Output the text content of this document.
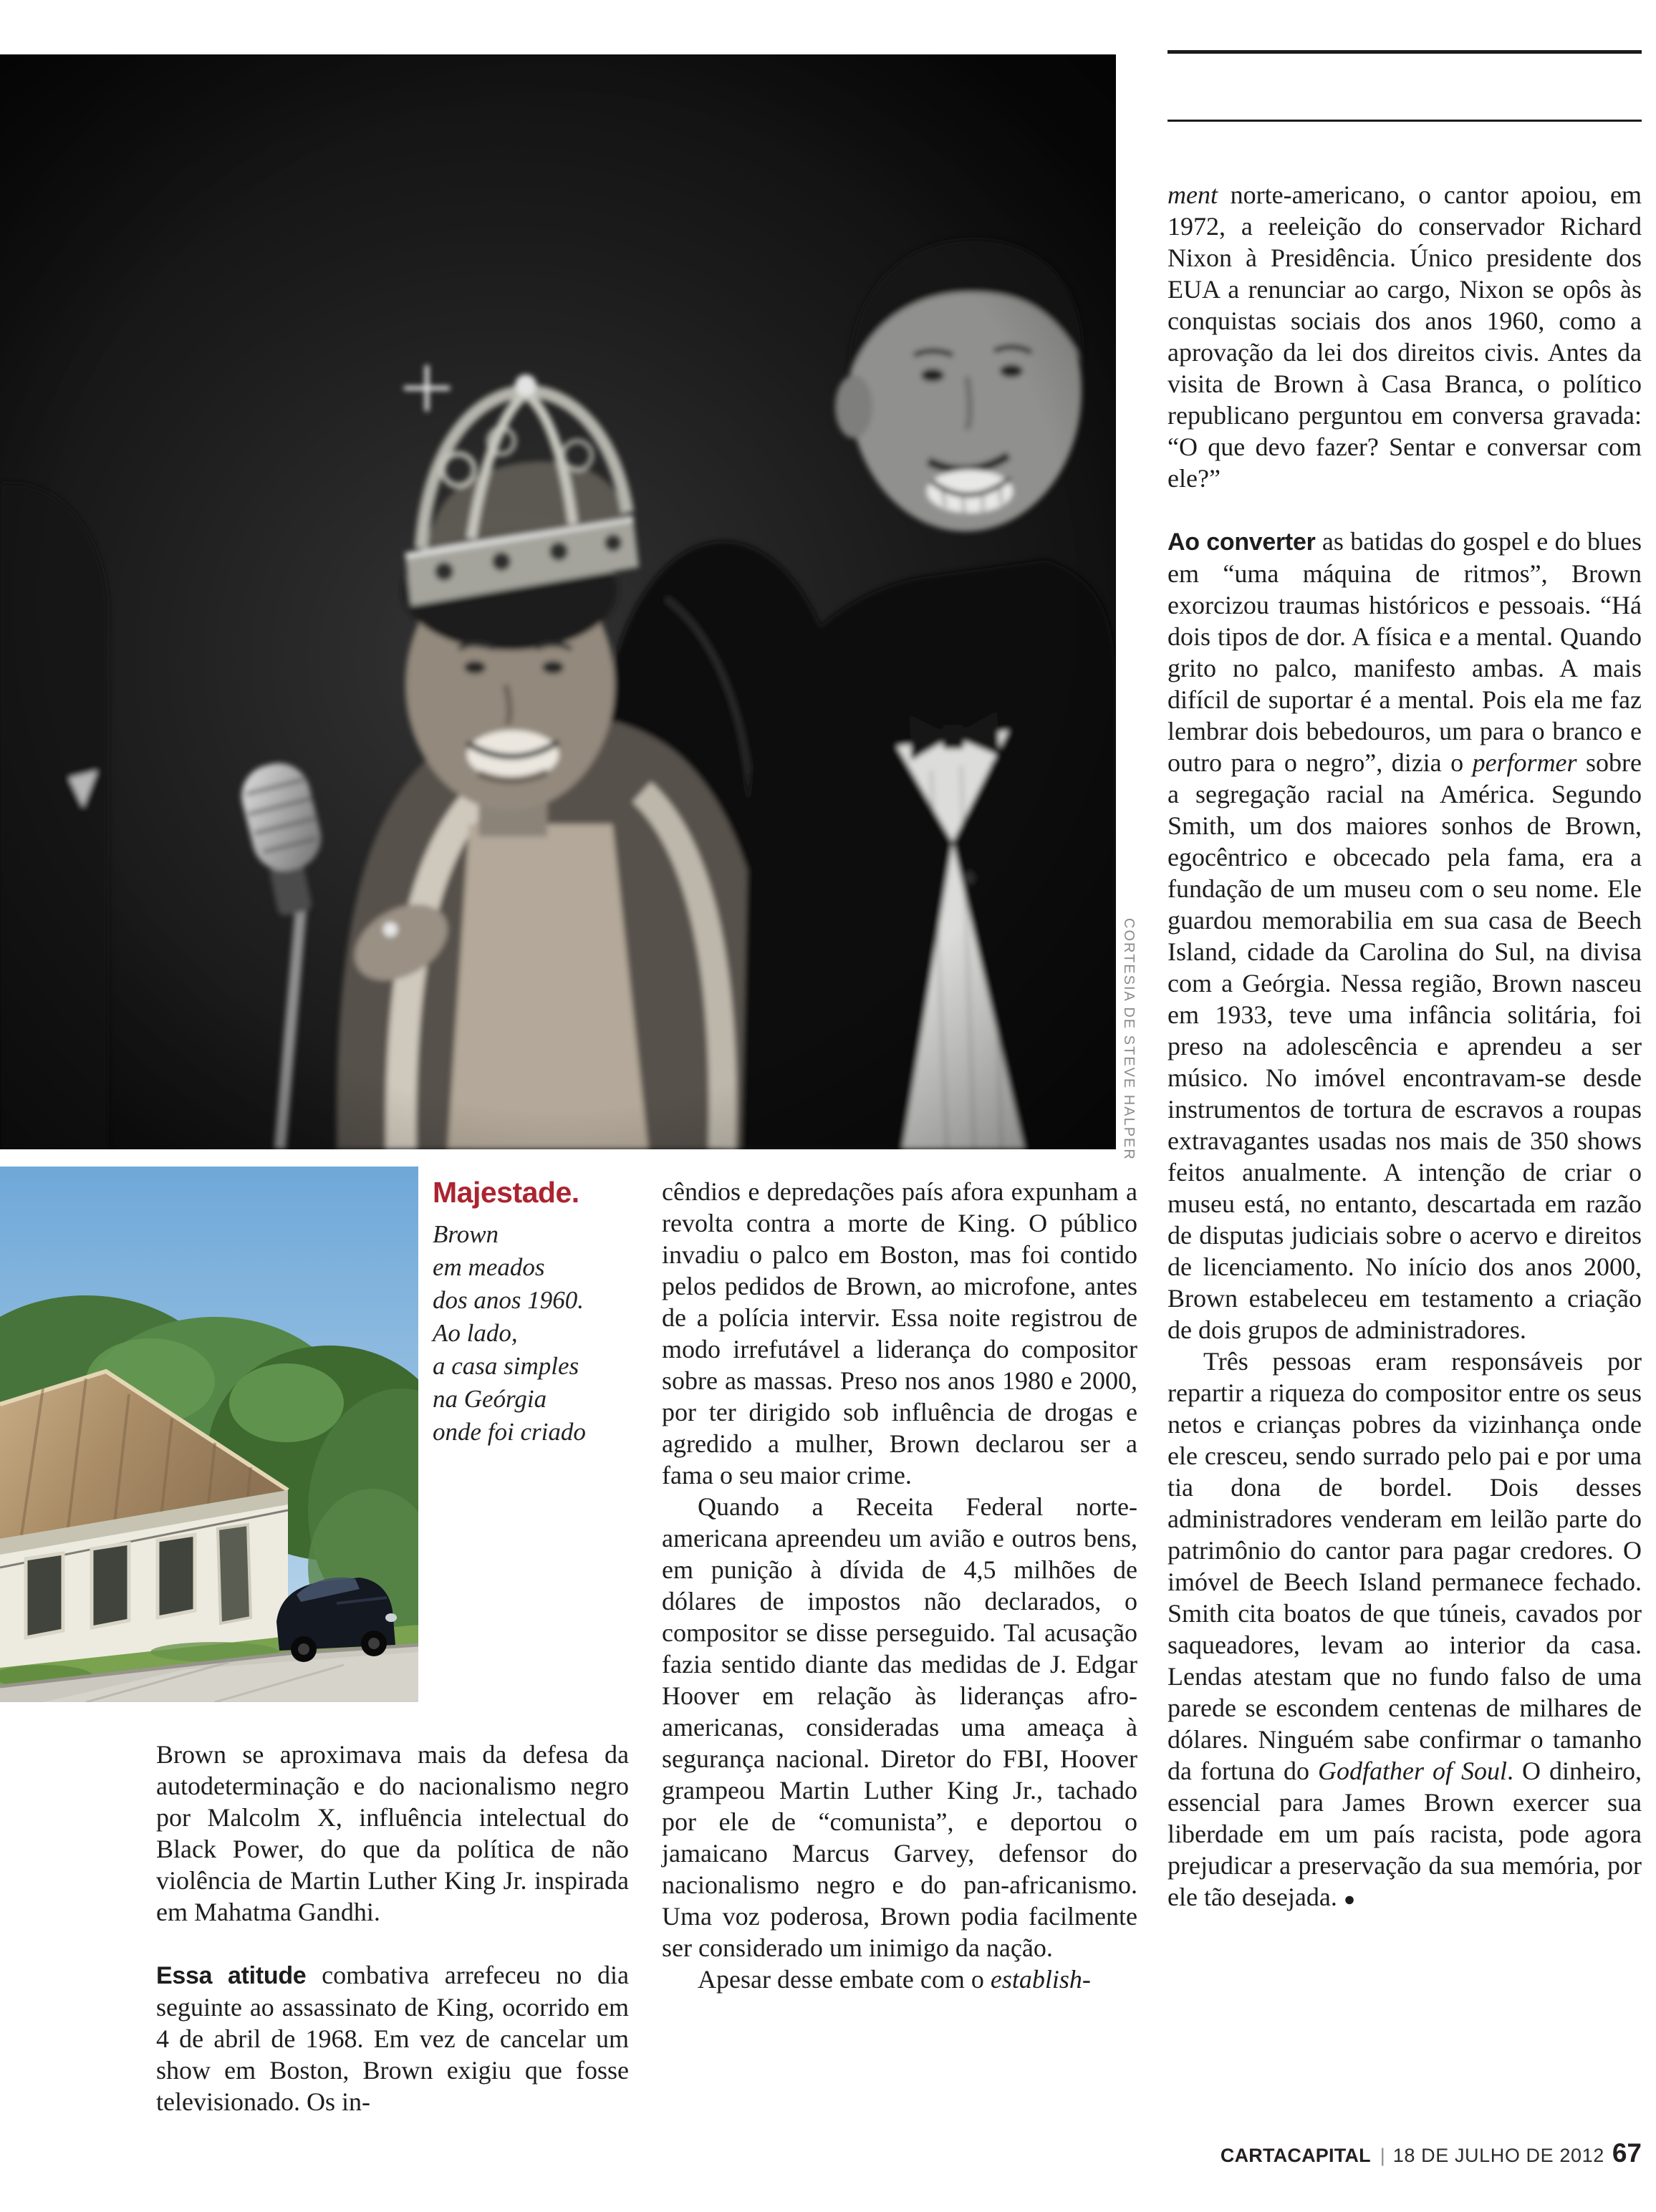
CORTESIA DE STEVE HALPER
Majestade.
Brown
em meados
dos anos 1960.
Ao lado,
a casa simples
na Geórgia
onde foi criado

Brown se aproximava mais da defesa da autodeterminação e do nacionalismo negro por Malcolm X, influência intelectual do Black Power, do que da política de não violência de Martin Luther King Jr. inspirada em Mahatma Gandhi.

Essa atitude combativa arrefeceu no dia seguinte ao assassinato de King, ocorrido em 4 de abril de 1968. Em vez de cancelar um show em Boston, Brown exigiu que fosse televisionado. Os in-

cêndios e depredações país afora expunham a revolta contra a morte de King. O público invadiu o palco em Boston, mas foi contido pelos pedidos de Brown, ao microfone, antes de a polícia intervir. Essa noite registrou de modo irrefutável a liderança do compositor sobre as massas. Preso nos anos 1980 e 2000, por ter dirigido sob influência de drogas e agredido a mulher, Brown declarou ser a fama o seu maior crime.

Quando a Receita Federal norte-americana apreendeu um avião e outros bens, em punição à dívida de 4,5 milhões de dólares de impostos não declarados, o compositor se disse perseguido. Tal acusação fazia sentido diante das medidas de J. Edgar Hoover em relação às lideranças afro-americanas, consideradas uma ameaça à segurança nacional. Diretor do FBI, Hoover grampeou Martin Luther King Jr., tachado por ele de “comunista”, e deportou o jamaicano Marcus Garvey, defensor do nacionalismo negro e do pan-africanismo. Uma voz poderosa, Brown podia facilmente ser considerado um inimigo da nação.

Apesar desse embate com o establish-

ment norte-americano, o cantor apoiou, em 1972, a reeleição do conservador Richard Nixon à Presidência. Único presidente dos EUA a renunciar ao cargo, Nixon se opôs às conquistas sociais dos anos 1960, como a aprovação da lei dos direitos civis. Antes da visita de Brown à Casa Branca, o político republicano perguntou em conversa gravada: “O que devo fazer? Sentar e conversar com ele?”

Ao converter as batidas do gospel e do blues em “uma máquina de ritmos”, Brown exorcizou traumas históricos e pessoais. “Há dois tipos de dor. A física e a mental. Quando grito no palco, manifesto ambas. A mais difícil de suportar é a mental. Pois ela me faz lembrar dois bebedouros, um para o branco e outro para o negro”, dizia o performer sobre a segregação racial na América. Segundo Smith, um dos maiores sonhos de Brown, egocêntrico e obcecado pela fama, era a fundação de um museu com o seu nome. Ele guardou memorabilia em sua casa de Beech Island, cidade da Carolina do Sul, na divisa com a Geórgia. Nessa região, Brown nasceu em 1933, teve uma infância solitária, foi preso na adolescência e aprendeu a ser músico. No imóvel encontravam-se desde instrumentos de tortura de escravos a roupas extravagantes usadas nos mais de 350 shows feitos anualmente. A intenção de criar o museu está, no entanto, descartada em razão de disputas judiciais sobre o acervo e direitos de licenciamento. No início dos anos 2000, Brown estabeleceu em testamento a criação de dois grupos de administradores.

Três pessoas eram responsáveis por repartir a riqueza do compositor entre os seus netos e crianças pobres da vizinhança onde ele cresceu, sendo surrado pelo pai e por uma tia dona de bordel. Dois desses administradores venderam em leilão parte do patrimônio do cantor para pagar credores. O imóvel de Beech Island permanece fechado. Smith cita boatos de que túneis, cavados por saqueadores, levam ao interior da casa. Lendas atestam que no fundo falso de uma parede se escondem centenas de milhares de dólares. Ninguém sabe confirmar o tamanho da fortuna do Godfather of Soul. O dinheiro, essencial para James Brown exercer sua liberdade em um país racista, pode agora prejudicar a preservação da sua memória, por ele tão desejada. ●

CARTACAPITAL | 18 DE JULHO DE 2012 67
